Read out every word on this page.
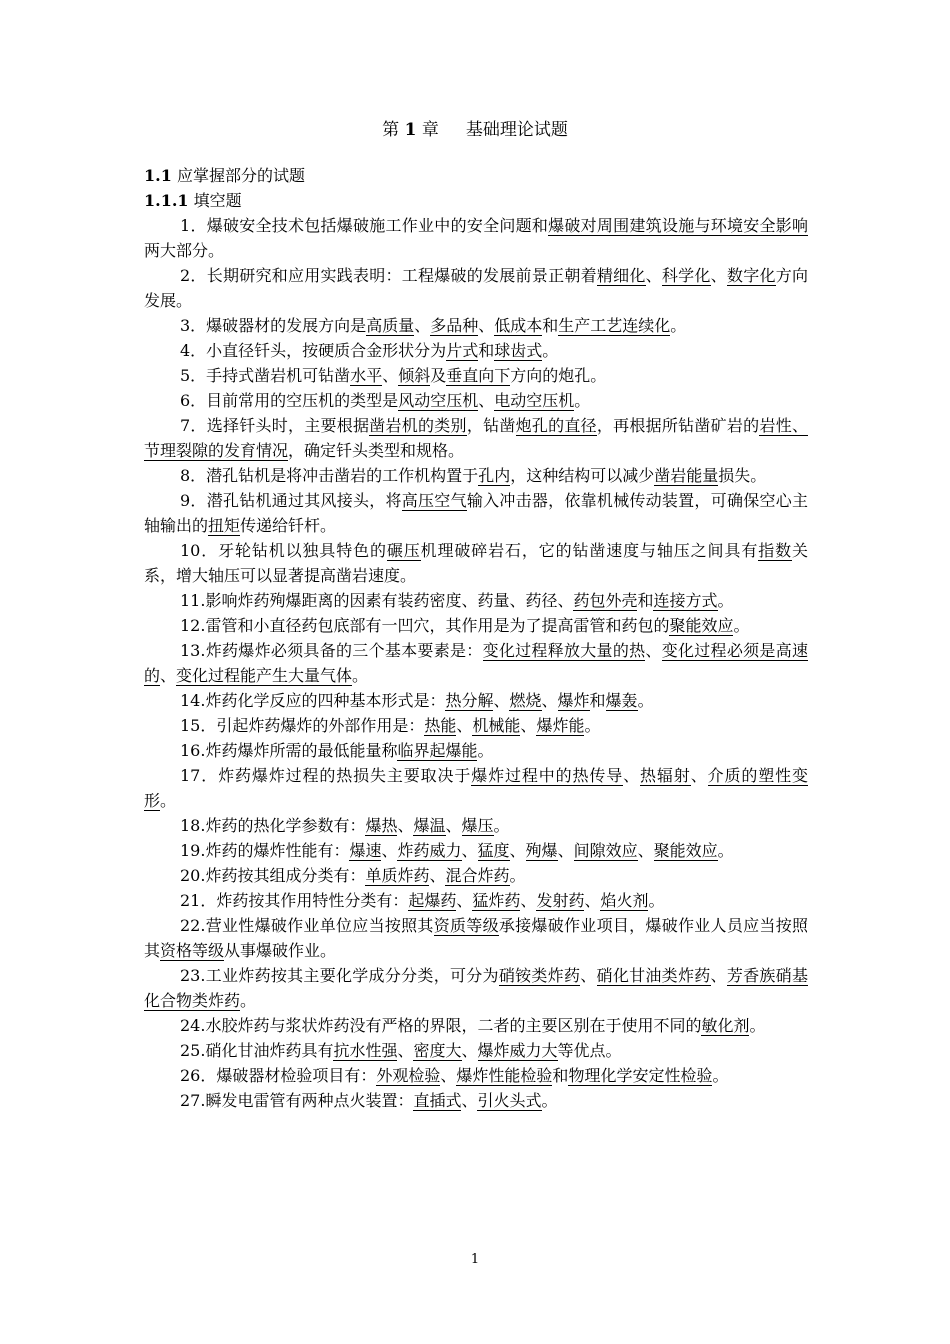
第 1 章 基础理论试题

1.1 应掌握部分的试题

1.1.1 填空题

1．爆破安全技术包括爆破施工作业中的安全问题和爆破对周围建筑设施与环境安全影响两大部分。

2．长期研究和应用实践表明：工程爆破的发展前景正朝着精细化、科学化、数字化方向发展。

3．爆破器材的发展方向是高质量、多品种、低成本和生产工艺连续化。

4．小直径钎头，按硬质合金形状分为片式和球齿式。

5．手持式凿岩机可钻凿水平、倾斜及垂直向下方向的炮孔。

6．目前常用的空压机的类型是风动空压机、电动空压机。

7．选择钎头时，主要根据凿岩机的类别，钻凿炮孔的直径，再根据所钻凿矿岩的岩性、节理裂隙的发育情况，确定钎头类型和规格。

8．潜孔钻机是将冲击凿岩的工作机构置于孔内，这种结构可以减少凿岩能量损失。

9．潜孔钻机通过其风接头，将高压空气输入冲击器，依靠机械传动装置，可确保空心主轴输出的扭矩传递给钎杆。

10．牙轮钻机以独具特色的碾压机理破碎岩石，它的钻凿速度与轴压之间具有指数关系，增大轴压可以显著提高凿岩速度。

11.影响炸药殉爆距离的因素有装药密度、药量、药径、药包外壳和连接方式。

12.雷管和小直径药包底部有一凹穴，其作用是为了提高雷管和药包的聚能效应。

13.炸药爆炸必须具备的三个基本要素是：变化过程释放大量的热、变化过程必须是高速的、变化过程能产生大量气体。

14.炸药化学反应的四种基本形式是：热分解、燃烧、爆炸和爆轰。

15．引起炸药爆炸的外部作用是：热能、机械能、爆炸能。

16.炸药爆炸所需的最低能量称临界起爆能。

17．炸药爆炸过程的热损失主要取决于爆炸过程中的热传导、热辐射、介质的塑性变形。

18.炸药的热化学参数有：爆热、爆温、爆压。

19.炸药的爆炸性能有：爆速、炸药威力、猛度、殉爆、间隙效应、聚能效应。

20.炸药按其组成分类有：单质炸药、混合炸药。

21．炸药按其作用特性分类有：起爆药、猛炸药、发射药、焰火剂。

22.营业性爆破作业单位应当按照其资质等级承接爆破作业项目，爆破作业人员应当按照其资格等级从事爆破作业。

23.工业炸药按其主要化学成分分类，可分为硝铵类炸药、硝化甘油类炸药、芳香族硝基化合物类炸药。

24.水胶炸药与浆状炸药没有严格的界限，二者的主要区别在于使用不同的敏化剂。

25.硝化甘油炸药具有抗水性强、密度大、爆炸威力大等优点。

26．爆破器材检验项目有：外观检验、爆炸性能检验和物理化学安定性检验。

27.瞬发电雷管有两种点火装置：直插式、引火头式。

1
